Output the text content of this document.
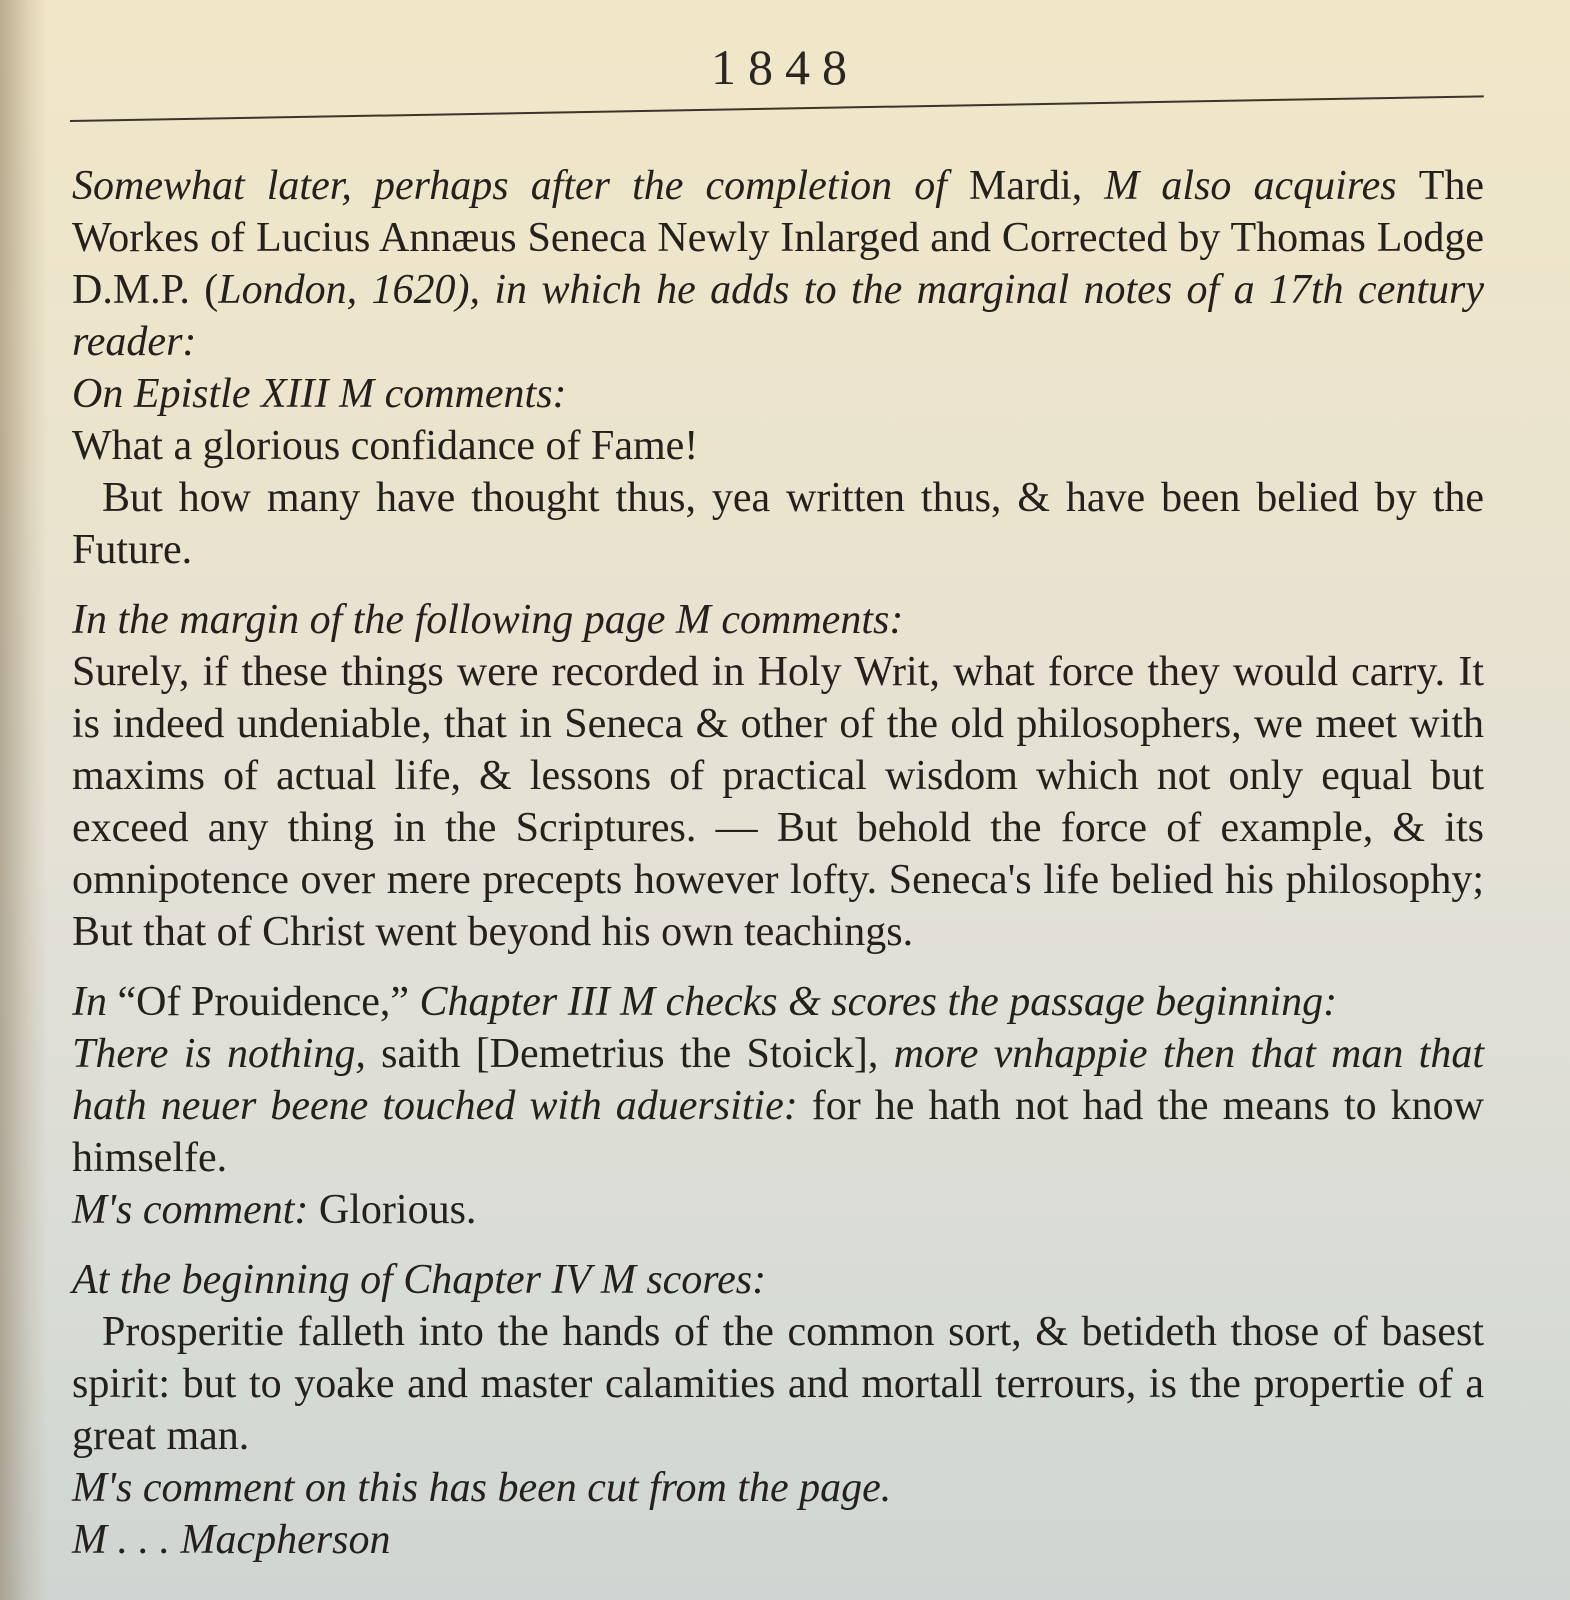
1848

Somewhat later, perhaps after the completion of Mardi, M also acquires The Workes of Lucius Annæus Seneca Newly Inlarged and Corrected by Thomas Lodge D.M.P. (London, 1620), in which he adds to the marginal notes of a 17th century reader:

On Epistle XIII M comments:

What a glorious confidance of Fame!

But how many have thought thus, yea written thus, & have been belied by the Future.

In the margin of the following page M comments:

Surely, if these things were recorded in Holy Writ, what force they would carry. It is indeed undeniable, that in Seneca & other of the old philosophers, we meet with maxims of actual life, & lessons of practical wisdom which not only equal but exceed any thing in the Scriptures. — But behold the force of example, & its omnipotence over mere precepts however lofty. Seneca's life belied his philosophy; But that of Christ went beyond his own teachings.

In “Of Prouidence,” Chapter III M checks & scores the passage beginning:

There is nothing, saith [Demetrius the Stoick], more vnhappie then that man that hath neuer beene touched with aduersitie: for he hath not had the means to know himselfe.

M's comment: Glorious.

At the beginning of Chapter IV M scores:

Prosperitie falleth into the hands of the common sort, & betideth those of basest spirit: but to yoake and master calamities and mortall terrours, is the propertie of a great man.

M's comment on this has been cut from the page.

M . . . Macpherson
